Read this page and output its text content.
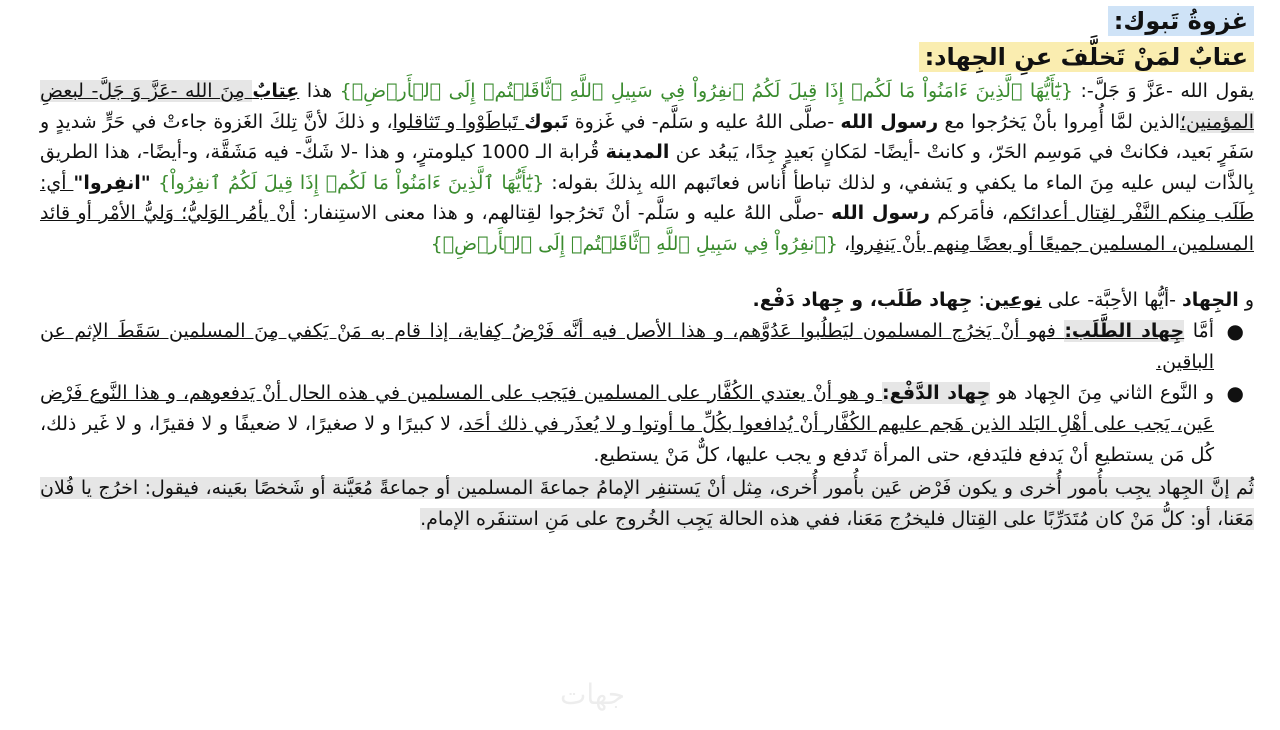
غزوةُ تَبوك:
عتابٌ لمَنْ تَخلَّفَ عنِ الجِهاد:

يقول الله -عَزَّ وَ جَلَّ-: {يَٰٓأَيُّهَا ٱلَّذِينَ ءَامَنُواْ مَا لَكُمۡ إِذَا قِيلَ لَكُمُ ٱنفِرُواْ فِي سَبِيلِ ٱللَّهِ ٱثَّاقَلۡتُمۡ إِلَى ٱلۡأَرۡضِۚ} هذا عِتابٌ مِنَ الله -عَزَّ وَ جَلَّ- لبعضِ المؤمنين؛الذين لمَّا أُمِروا بأنْ يَخرُجوا مع رسول الله -صلَّى اللهُ عليه و سَلَّم- في غَزوة تَبوك تَباطَوْوا و تَثاقلوا، و ذلكَ لأنَّ تِلكَ الغَزوة جاءتْ في حَرٍّ شديدٍ و سَفَرٍ بَعيد، فكانتْ في مَوسِم الحَرّ، و كانتْ -أيضًا- لمَكانٍ بَعيدٍ جِدًا، يَبعُد عن المدينة قُرابة الـ 1000 كيلومترٍ، و هذا -لا شَكَّ- فيه مَشَقَّة، و-أيضًا-، هذا الطريق بِالذَّات ليس عليه مِنَ الماء ما يكفي و يَشفي، و لذلك تباطأ أُناس فعاتَبهم الله بِذلكَ بقوله: {يَٰٓأَيُّهَا ٱلَّذِينَ ءَامَنُواْ مَا لَكُمۡ إِذَا قِيلَ لَكُمُ ٱنفِرُواْ} "انفِروا" أي: طَلَب مِنكم النَّفْر لقِتال أعدائكم، فأمَركم رسول الله -صلَّى اللهُ عليه و سَلَّم- أنْ تَخرُجوا لقِتالهم، و هذا معنى الاستِنفار: أنْ يأمُر الوَليُّ؛ وَليُّ الأمْر أو قائد المسلمين، المسلمين جميعًا أو بعضًا مِنهم بأنْ يَنفِروا، {ٱنفِرُواْ فِي سَبِيلِ ٱللَّهِ ٱثَّاقَلۡتُمۡ إِلَى ٱلۡأَرۡضِۚ}

و الجِهاد -أيُّها الأحِبَّة- على نوعين: جِهاد طَلَب، و جِهاد دَفْع.

●
أمَّا جِهاد الطَّلَب: فهو أنْ يَخرُج المسلمون ليَطلُبوا عَدُوَّهم، و هذا الأصل فيه أنَّه فَرْضُ كِفاية، إذا قام به مَنْ يَكفي مِنَ المسلمين سَقَطَ الإثم عن الباقين.
●
و النَّوع الثاني مِنَ الجِهاد هو جِهاد الدَّفْع: و هو أنْ يعتدي الكُفَّار على المسلمين فيَجب على المسلمين في هذه الحال أنْ يَدفعوهم، و هذا النَّوع فَرْض عَين، يَجب على أهْلِ البَلد الذين هَجم عليهم الكُفَّار أنْ يُدافعوا بكُلِّ ما أوتوا و لا يُعذَر في ذلك أحَد، لا كبيرًا و لا صغيرًا، لا ضعيفًا و لا فقيرًا، و لا غَير ذلك، كُل مَن يستطيع أنْ يَدفع فليَدفع، حتى المرأة تَدفع و يجب عليها، كلٌّ مَنْ يستطيع.

ثُم إنَّ الجِهاد يجِب بأُمور أُخرى و يكون فَرْض عَين بأُمور أُخرى، مِثل أنْ يَستنفِر الإمامُ جماعةَ المسلمين أو جماعةً مُعَيَّنة أو شَخصًا بعَينه، فيقول: اخرُج يا فُلان مَعَنا، أو: كلُّ مَنْ كان مُتَدَرِّبًا على القِتال فليخرُج مَعَنا، ففي هذه الحالة يَجِب الخُروج على مَنِ استنفَره الإمام.

جهات
